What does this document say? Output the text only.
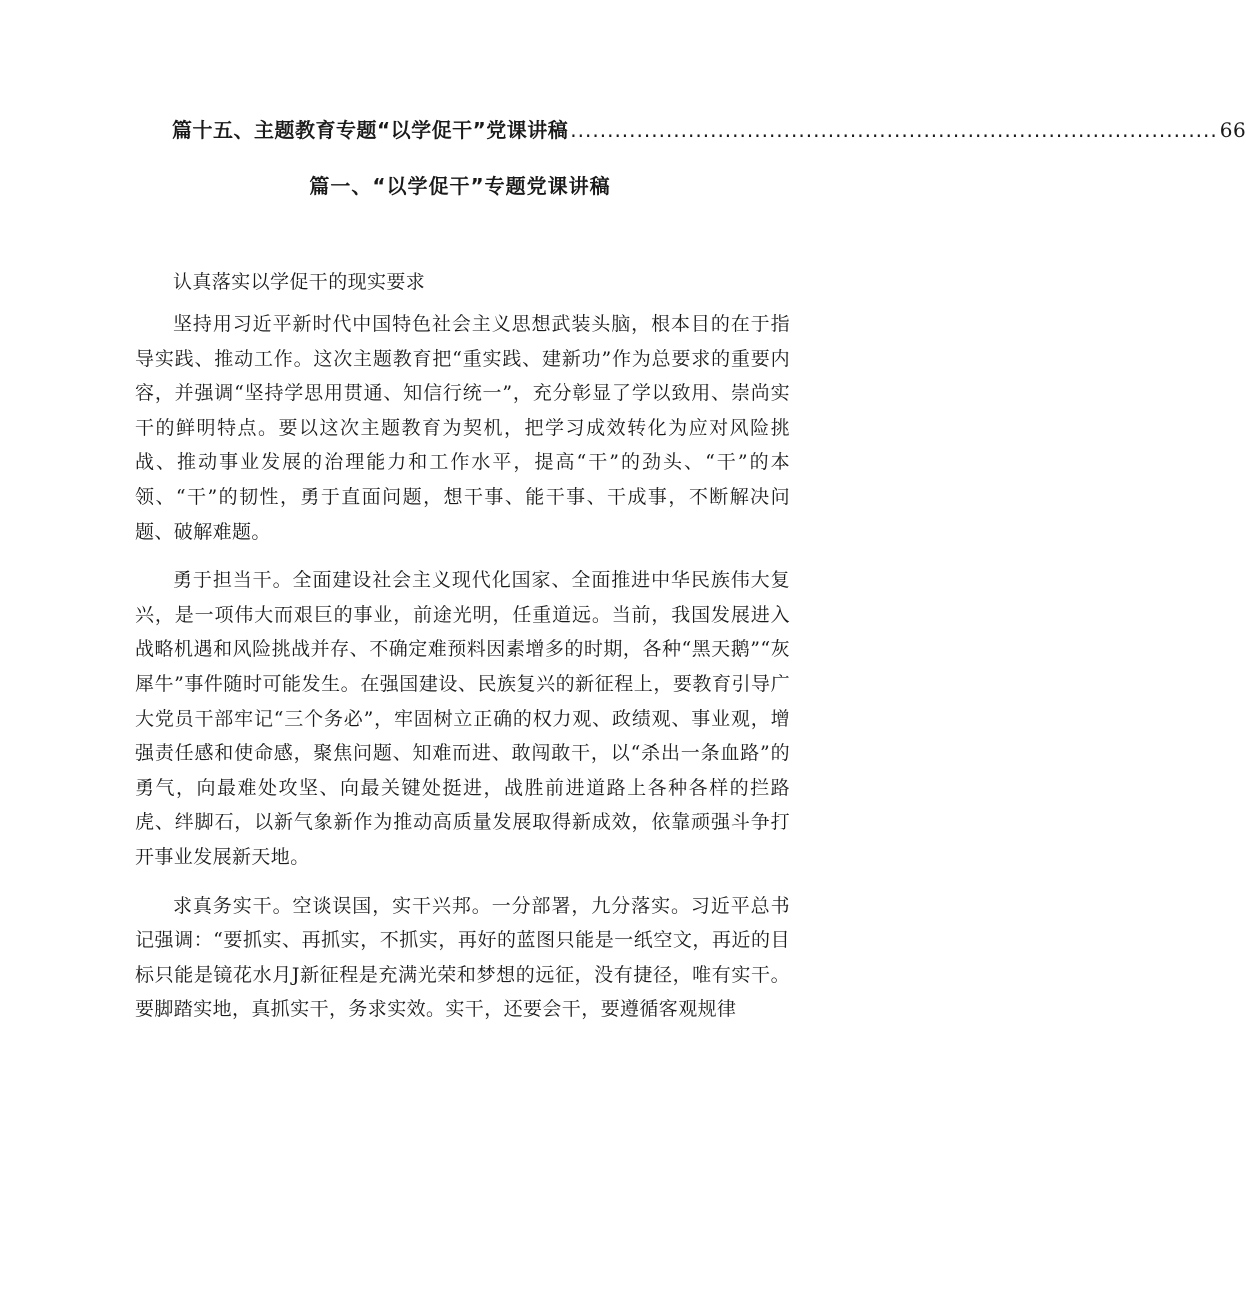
篇十五、主题教育专题“以学促干”党课讲稿 ........................................................................................ 66
篇一、“以学促干”专题党课讲稿

认真落实以学促干的现实要求

坚持用习近平新时代中国特色社会主义思想武装头脑，根本目的在于指导实践、推动工作。这次主题教育把“重实践、建新功”作为总要求的重要内容，并强调“坚持学思用贯通、知信行统一”，充分彰显了学以致用、崇尚实干的鲜明特点。要以这次主题教育为契机，把学习成效转化为应对风险挑战、推动事业发展的治理能力和工作水平，提高“干”的劲头、“干”的本领、“干”的韧性，勇于直面问题，想干事、能干事、干成事，不断解决问题、破解难题。

勇于担当干。全面建设社会主义现代化国家、全面推进中华民族伟大复兴，是一项伟大而艰巨的事业，前途光明，任重道远。当前，我国发展进入战略机遇和风险挑战并存、不确定难预料因素增多的时期，各种“黑天鹅”“灰犀牛”事件随时可能发生。在强国建设、民族复兴的新征程上，要教育引导广大党员干部牢记“三个务必”，牢固树立正确的权力观、政绩观、事业观，增强责任感和使命感，聚焦问题、知难而进、敢闯敢干，以“杀出一条血路”的勇气，向最难处攻坚、向最关键处挺进，战胜前进道路上各种各样的拦路虎、绊脚石，以新气象新作为推动高质量发展取得新成效，依靠顽强斗争打开事业发展新天地。

求真务实干。空谈误国，实干兴邦。一分部署，九分落实。习近平总书记强调：“要抓实、再抓实，不抓实，再好的蓝图只能是一纸空文，再近的目标只能是镜花水月J新征程是充满光荣和梦想的远征，没有捷径，唯有实干。要脚踏实地，真抓实干，务求实效。实干，还要会干，要遵循客观规律
